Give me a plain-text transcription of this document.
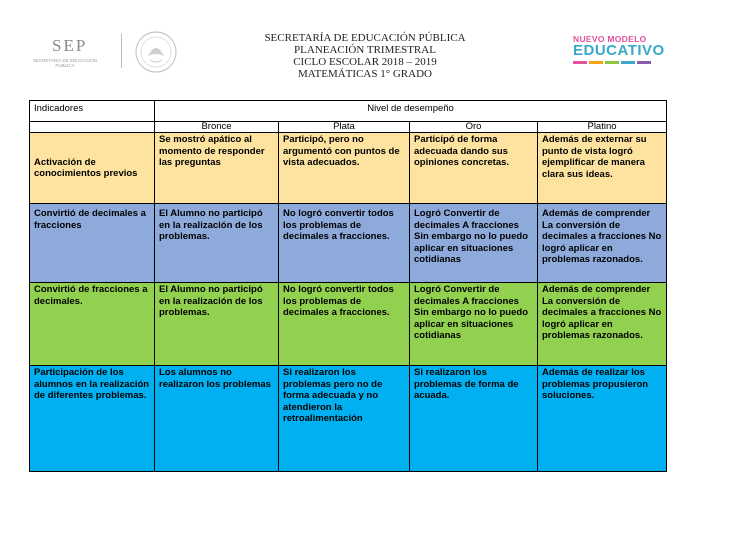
SEP
SECRETARÍA DE EDUCACIÓN PÚBLICA
SECRETARÍA DE EDUCACIÓN PÚBLICA
PLANEACIÓN TRIMESTRAL
CICLO ESCOLAR 2018 – 2019
MATEMÁTICAS 1° GRADO
NUEVO MODELO
EDUCATIVO
Indicadores	Nivel de desempeño			
	Bronce	Plata	Oro	Platino
Activación de conocimientos previos	Se mostró apático al momento de responder las preguntas	Participó, pero no argumentó con puntos de vista adecuados.	Participó de forma adecuada dando sus opiniones concretas.	Además de externar su punto de vista logró ejemplificar de manera clara sus ideas.
Convirtió de decimales a fracciones	El Alumno no participó en la realización de los problemas.	No logró convertir todos los problemas de decimales a fracciones.	Logró Convertir de decimales A fracciones Sin embargo no lo puedo aplicar en situaciones cotidianas	Además de comprender La conversión de decimales a fracciones No logró aplicar en problemas razonados.
Convirtió de fracciones a decimales.	El Alumno no participó en la realización de los problemas.	No logró convertir todos los problemas de decimales a fracciones.	Logró Convertir de decimales A fracciones Sin embargo no lo puedo aplicar en situaciones cotidianas	Además de comprender La conversión de decimales a fracciones No logró aplicar en problemas razonados.
Participación de los alumnos en la realización de diferentes problemas.	Los alumnos no realizaron los problemas	Si realizaron los problemas pero no de forma adecuada y no atendieron la retroalimentación	Si realizaron los problemas de forma de acuada.	Además de realizar los problemas propusieron soluciones.
